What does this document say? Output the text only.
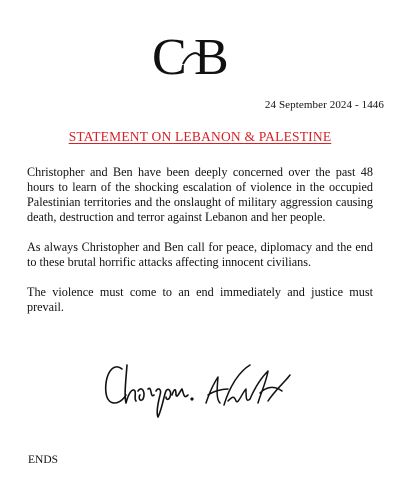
C B
24 September 2024 - 1446
STATEMENT ON LEBANON & PALESTINE

Christopher and Ben have been deeply concerned over the past 48 hours to learn of the shocking escalation of violence in the occupied Palestinian territories and the onslaught of military aggression causing death, destruction and terror against Lebanon and her people.

As always Christopher and Ben call for peace, diplomacy and the end to these brutal horrific attacks affecting innocent civilians.

The violence must come to an end immediately and justice must prevail.

ENDS
